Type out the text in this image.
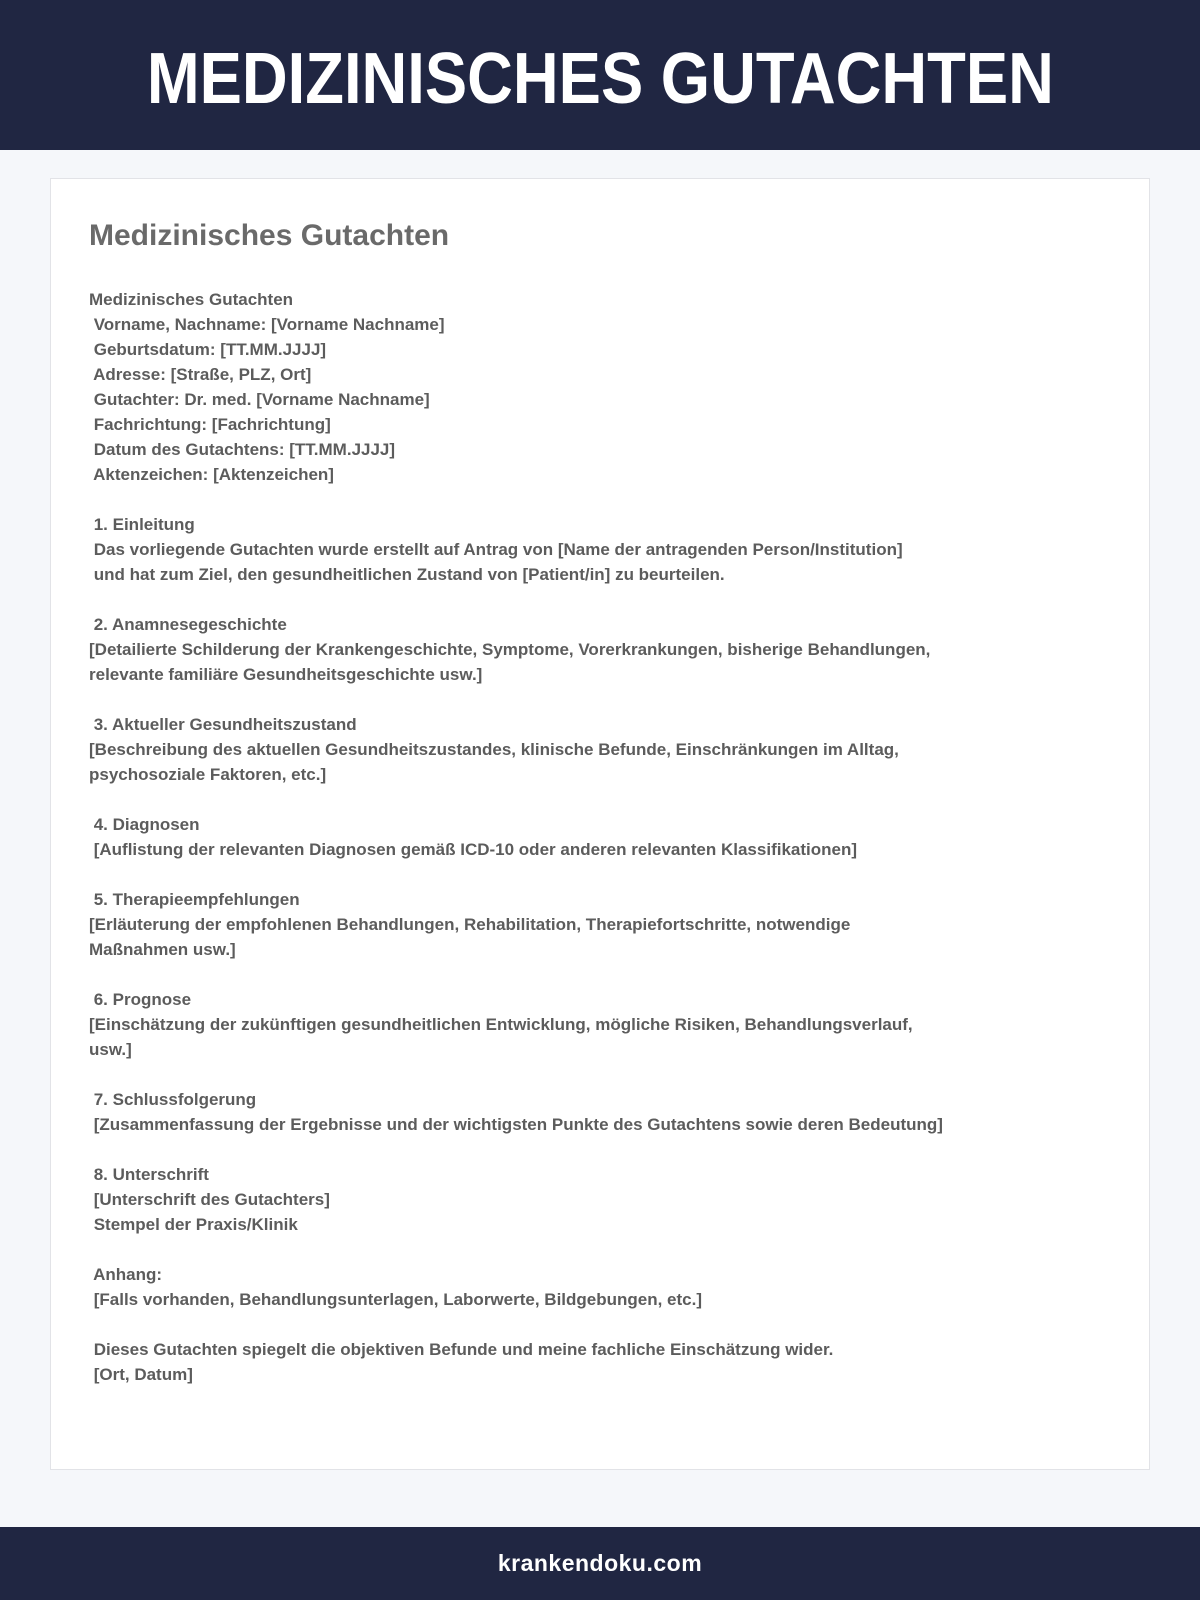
MEDIZINISCHES GUTACHTEN
Medizinisches Gutachten
Medizinisches Gutachten
Vorname, Nachname: [Vorname Nachname]
Geburtsdatum: [TT.MM.JJJJ]
Adresse: [Straße, PLZ, Ort]
Gutachter: Dr. med. [Vorname Nachname]
Fachrichtung: [Fachrichtung]
Datum des Gutachtens: [TT.MM.JJJJ]
Aktenzeichen: [Aktenzeichen]
1. Einleitung
Das vorliegende Gutachten wurde erstellt auf Antrag von [Name der antragenden Person/Institution]
und hat zum Ziel, den gesundheitlichen Zustand von [Patient/in] zu beurteilen.
2. Anamnesegeschichte
[Detailierte Schilderung der Krankengeschichte, Symptome, Vorerkrankungen, bisherige Behandlungen,
relevante familiäre Gesundheitsgeschichte usw.]
3. Aktueller Gesundheitszustand
[Beschreibung des aktuellen Gesundheitszustandes, klinische Befunde, Einschränkungen im Alltag,
psychosoziale Faktoren, etc.]
4. Diagnosen
[Auflistung der relevanten Diagnosen gemäß ICD-10 oder anderen relevanten Klassifikationen]
5. Therapieempfehlungen
[Erläuterung der empfohlenen Behandlungen, Rehabilitation, Therapiefortschritte, notwendige
Maßnahmen usw.]
6. Prognose
[Einschätzung der zukünftigen gesundheitlichen Entwicklung, mögliche Risiken, Behandlungsverlauf,
usw.]
7. Schlussfolgerung
[Zusammenfassung der Ergebnisse und der wichtigsten Punkte des Gutachtens sowie deren Bedeutung]
8. Unterschrift
[Unterschrift des Gutachters]
Stempel der Praxis/Klinik
Anhang:
[Falls vorhanden, Behandlungsunterlagen, Laborwerte, Bildgebungen, etc.]
Dieses Gutachten spiegelt die objektiven Befunde und meine fachliche Einschätzung wider.
[Ort, Datum]
krankendoku.com
